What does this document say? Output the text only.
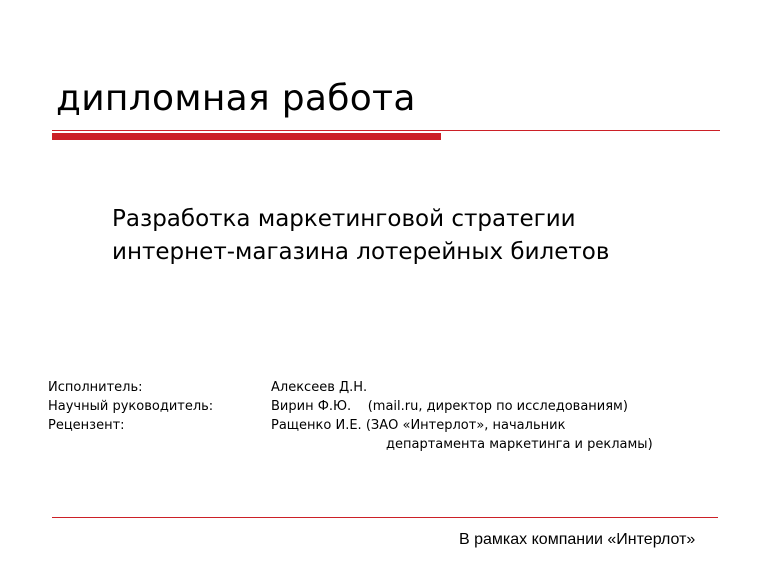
дипломная работа
Разработка маркетинговой стратегии
интернет-магазина лотерейных билетов
Исполнитель:	Алексеев Д.Н.
Научный руководитель:	Вирин Ф.Ю.    (mail.ru, директор по исследованиям)
Рецензент:	Ращенко И.Е. (ЗАО «Интерлот», начальник
департамента маркетинга и рекламы)
В рамках компании «Интерлот»
